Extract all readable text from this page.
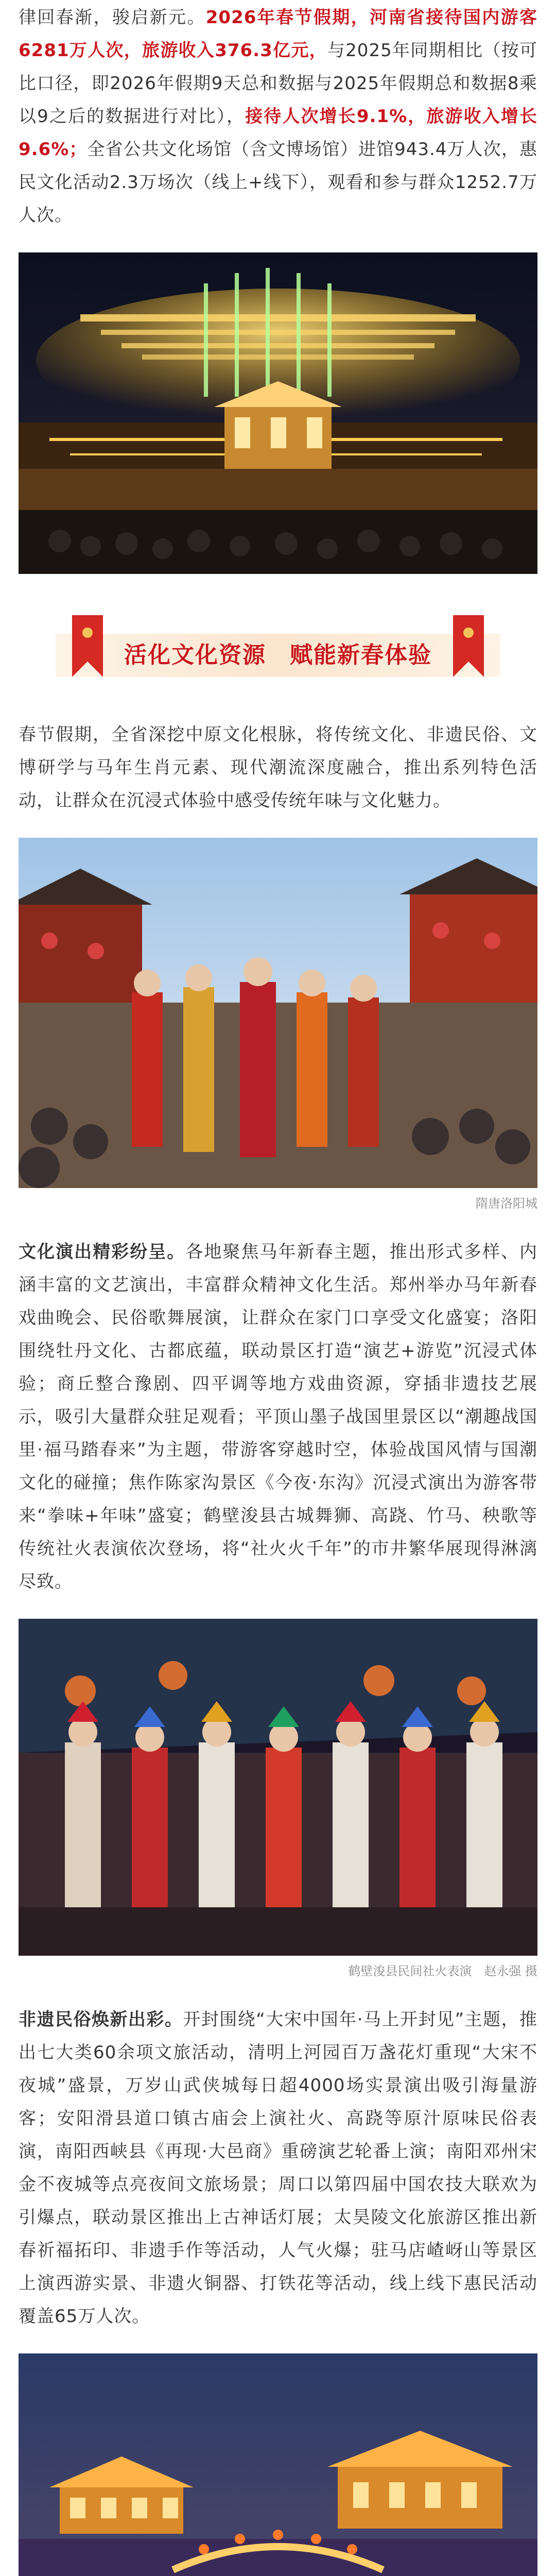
律回春渐，骏启新元。2026年春节假期，河南省接待国内游客6281万人次，旅游收入376.3亿元，与2025年同期相比（按可比口径，即2026年假期9天总和数据与2025年假期总和数据8乘以9之后的数据进行对比），接待人次增长9.1%，旅游收入增长9.6%；全省公共文化场馆（含文博场馆）进馆943.4万人次，惠民文化活动2.3万场次（线上+线下），观看和参与群众1252.7万人次。
活化文化资源　赋能新春体验
春节假期，全省深挖中原文化根脉，将传统文化、非遗民俗、文博研学与马年生肖元素、现代潮流深度融合，推出系列特色活动，让群众在沉浸式体验中感受传统年味与文化魅力。
隋唐洛阳城
文化演出精彩纷呈。各地聚焦马年新春主题，推出形式多样、内涵丰富的文艺演出，丰富群众精神文化生活。郑州举办马年新春戏曲晚会、民俗歌舞展演，让群众在家门口享受文化盛宴；洛阳围绕牡丹文化、古都底蕴，联动景区打造“演艺+游览”沉浸式体验；商丘整合豫剧、四平调等地方戏曲资源，穿插非遗技艺展示，吸引大量群众驻足观看；平顶山墨子战国里景区以“潮趣战国里·福马踏春来”为主题，带游客穿越时空，体验战国风情与国潮文化的碰撞；焦作陈家沟景区《今夜·东沟》沉浸式演出为游客带来“拳味+年味”盛宴；鹤壁浚县古城舞狮、高跷、竹马、秧歌等传统社火表演依次登场，将“社火火千年”的市井繁华展现得淋漓尽致。
鹤壁浚县民间社火表演　赵永强 摄
非遗民俗焕新出彩。开封围绕“大宋中国年·马上开封见”主题，推出七大类60余项文旅活动，清明上河园百万盏花灯重现“大宋不夜城”盛景，万岁山武侠城每日超4000场实景演出吸引海量游客；安阳滑县道口镇古庙会上演社火、高跷等原汁原味民俗表演，南阳西峡县《再现·大邑商》重磅演艺轮番上演；南阳邓州宋金不夜城等点亮夜间文旅场景；周口以第四届中国农技大联欢为引爆点，联动景区推出上古神话灯展；太昊陵文化旅游区推出新春祈福拓印、非遗手作等活动，人气火爆；驻马店嵖岈山等景区上演西游实景、非遗火铜器、打铁花等活动，线上线下惠民活动覆盖65万人次。
